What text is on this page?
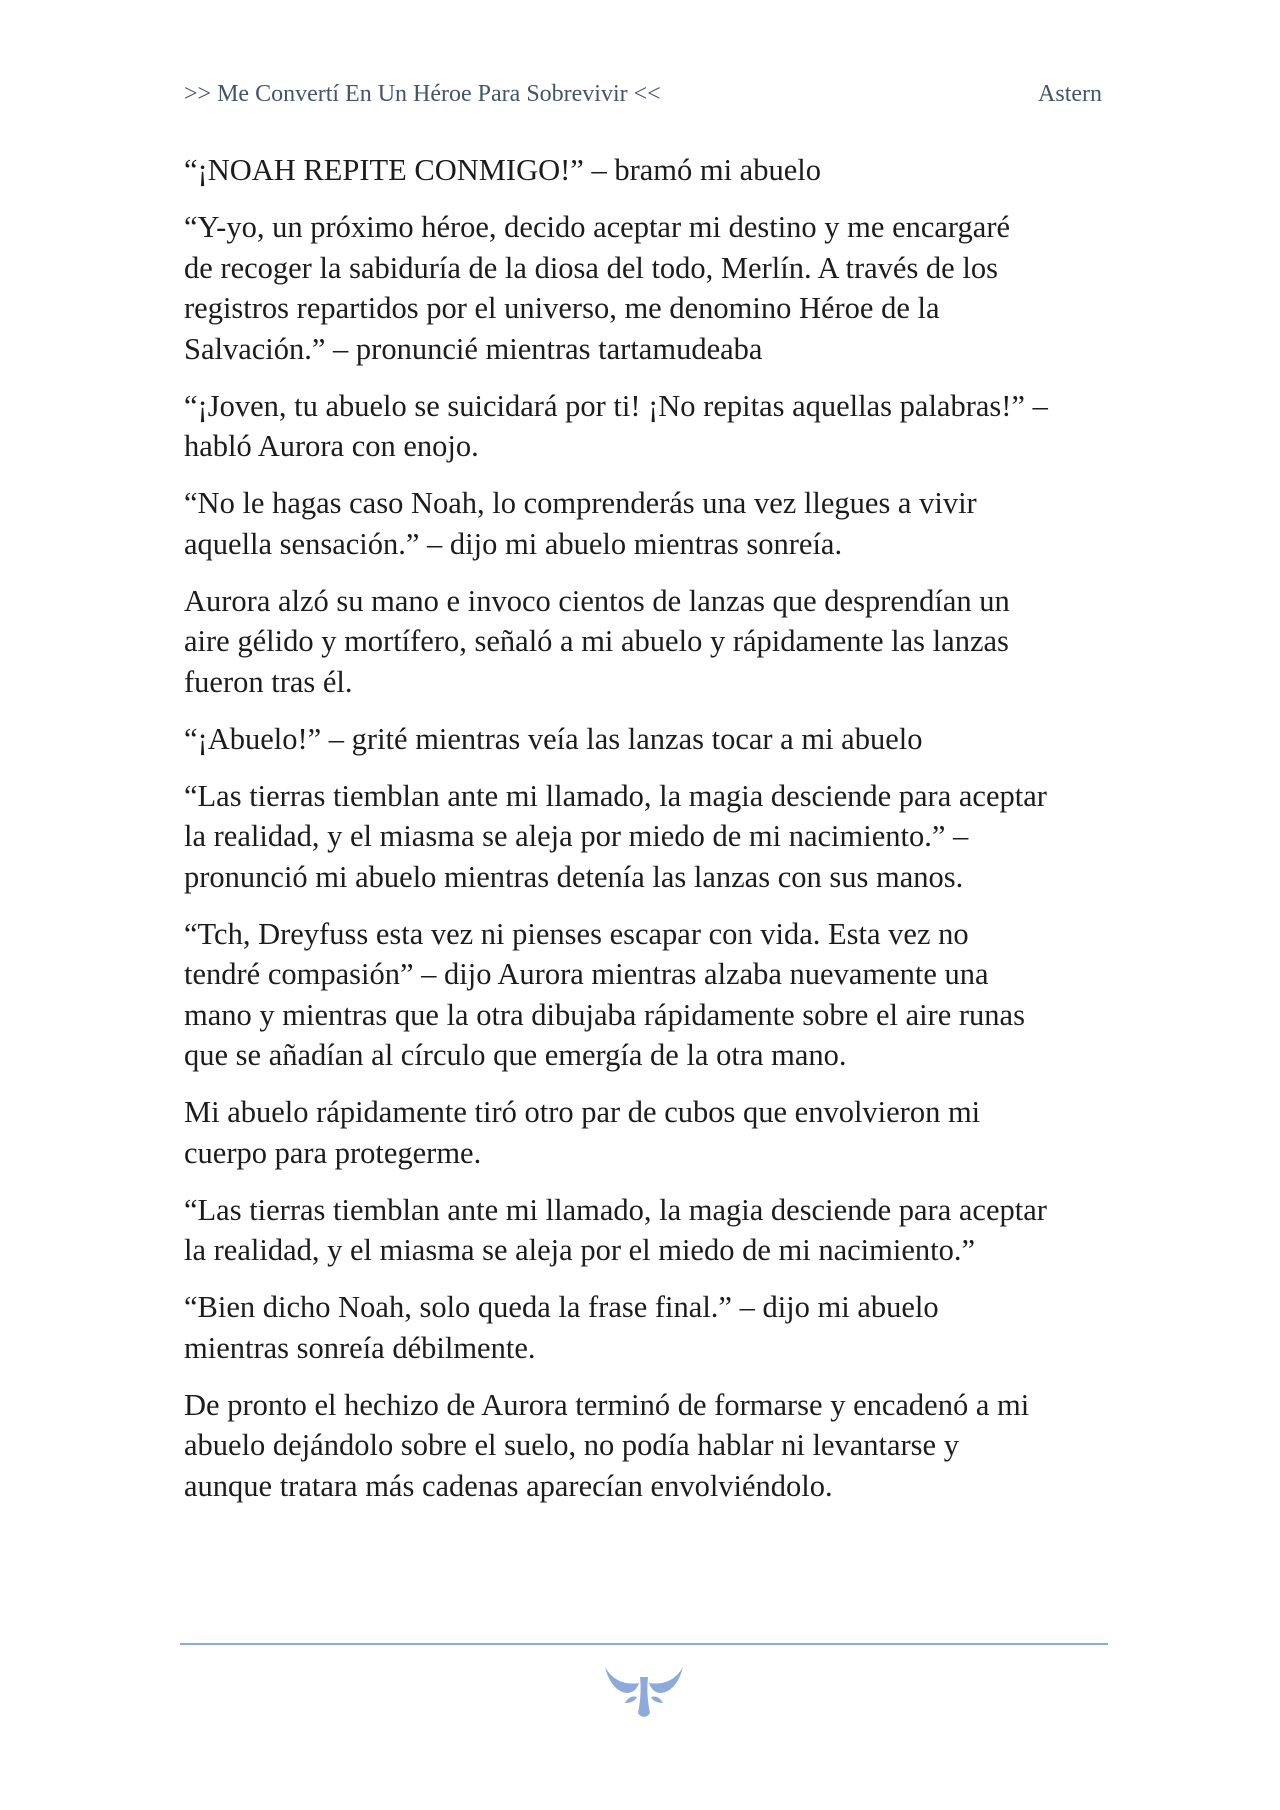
>> Me Convertí En Un Héroe Para Sobrevivir <<	Astern

“¡NOAH REPITE CONMIGO!” – bramó mi abuelo

“Y-yo, un próximo héroe, decido aceptar mi destino y me encargaré
de recoger la sabiduría de la diosa del todo, Merlín. A través de los
registros repartidos por el universo, me denomino Héroe de la
Salvación.” – pronuncié mientras tartamudeaba

“¡Joven, tu abuelo se suicidará por ti! ¡No repitas aquellas palabras!” –
habló Aurora con enojo.

“No le hagas caso Noah, lo comprenderás una vez llegues a vivir
aquella sensación.” – dijo mi abuelo mientras sonreía.

Aurora alzó su mano e invoco cientos de lanzas que desprendían un
aire gélido y mortífero, señaló a mi abuelo y rápidamente las lanzas
fueron tras él.

“¡Abuelo!” – grité mientras veía las lanzas tocar a mi abuelo

“Las tierras tiemblan ante mi llamado, la magia desciende para aceptar
la realidad, y el miasma se aleja por miedo de mi nacimiento.” –
pronunció mi abuelo mientras detenía las lanzas con sus manos.

“Tch, Dreyfuss esta vez ni pienses escapar con vida. Esta vez no
tendré compasión” – dijo Aurora mientras alzaba nuevamente una
mano y mientras que la otra dibujaba rápidamente sobre el aire runas
que se añadían al círculo que emergía de la otra mano.

Mi abuelo rápidamente tiró otro par de cubos que envolvieron mi
cuerpo para protegerme.

“Las tierras tiemblan ante mi llamado, la magia desciende para aceptar
la realidad, y el miasma se aleja por el miedo de mi nacimiento.”

“Bien dicho Noah, solo queda la frase final.” – dijo mi abuelo
mientras sonreía débilmente.

De pronto el hechizo de Aurora terminó de formarse y encadenó a mi
abuelo dejándolo sobre el suelo, no podía hablar ni levantarse y
aunque tratara más cadenas aparecían envolviéndolo.
